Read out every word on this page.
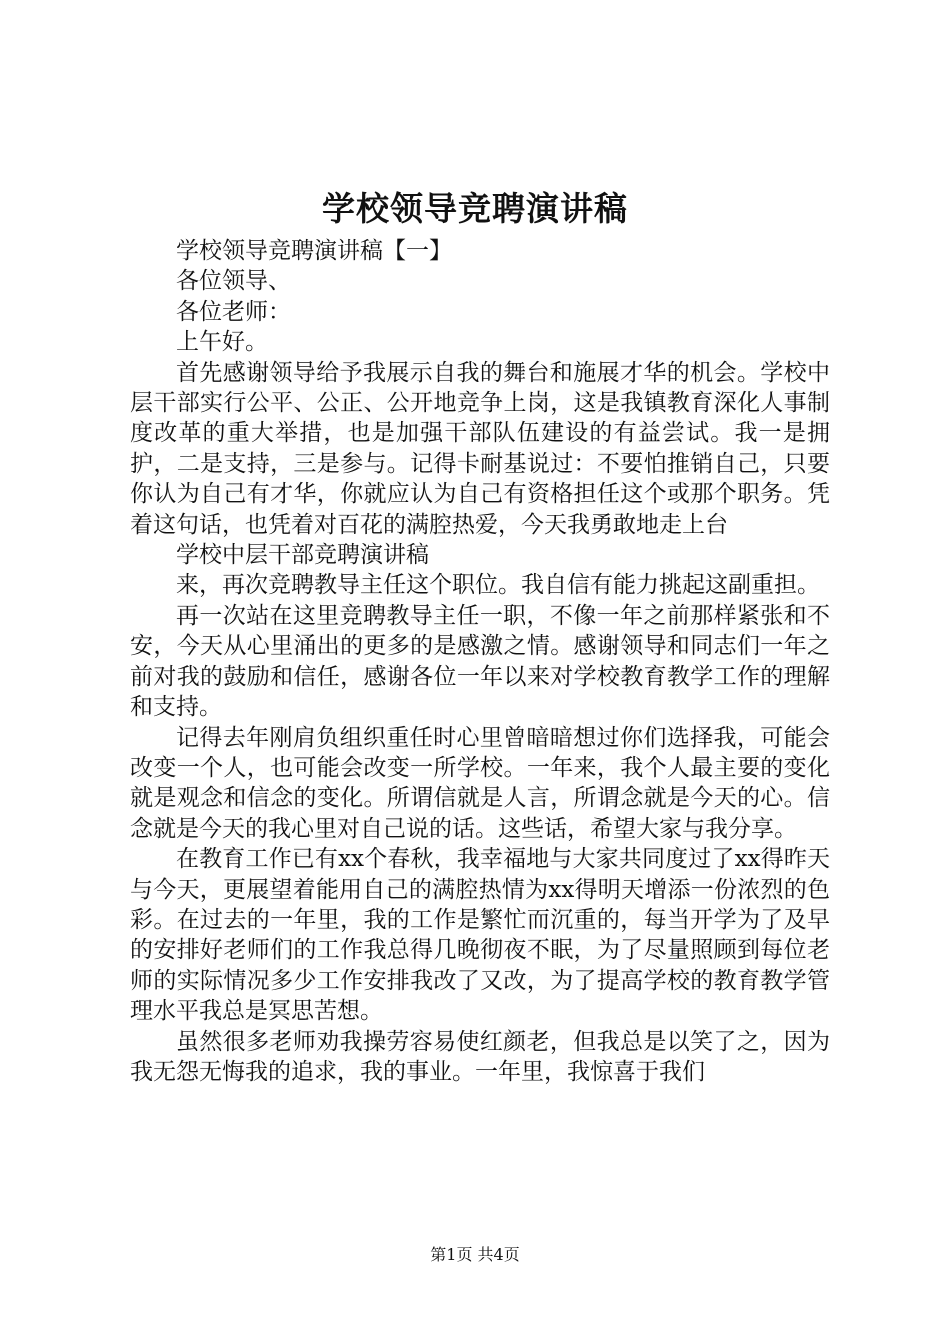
学校领导竞聘演讲稿

学校领导竞聘演讲稿【一】

各位领导、

各位老师：

上午好。

首先感谢领导给予我展示自我的舞台和施展才华的机会。学校中层干部实行公平、公正、公开地竞争上岗，这是我镇教育深化人事制度改革的重大举措，也是加强干部队伍建设的有益尝试。我一是拥护，二是支持，三是参与。记得卡耐基说过：不要怕推销自己，只要你认为自己有才华，你就应认为自己有资格担任这个或那个职务。凭着这句话，也凭着对百花的满腔热爱，今天我勇敢地走上台

学校中层干部竞聘演讲稿

来，再次竞聘教导主任这个职位。我自信有能力挑起这副重担。

再一次站在这里竞聘教导主任一职，不像一年之前那样紧张和不安，今天从心里涌出的更多的是感激之情。感谢领导和同志们一年之前对我的鼓励和信任，感谢各位一年以来对学校教育教学工作的理解和支持。

记得去年刚肩负组织重任时心里曾暗暗想过你们选择我，可能会改变一个人，也可能会改变一所学校。一年来，我个人最主要的变化就是观念和信念的变化。所谓信就是人言，所谓念就是今天的心。信念就是今天的我心里对自己说的话。这些话，希望大家与我分享。

在教育工作已有xx个春秋，我幸福地与大家共同度过了xx得昨天与今天，更展望着能用自己的满腔热情为xx得明天增添一份浓烈的色彩。在过去的一年里，我的工作是繁忙而沉重的，每当开学为了及早的安排好老师们的工作我总得几晚彻夜不眠，为了尽量照顾到每位老师的实际情况多少工作安排我改了又改，为了提高学校的教育教学管理水平我总是冥思苦想。

虽然很多老师劝我操劳容易使红颜老，但我总是以笑了之，因为我无怨无悔我的追求，我的事业。一年里，我惊喜于我们

第1页 共4页
